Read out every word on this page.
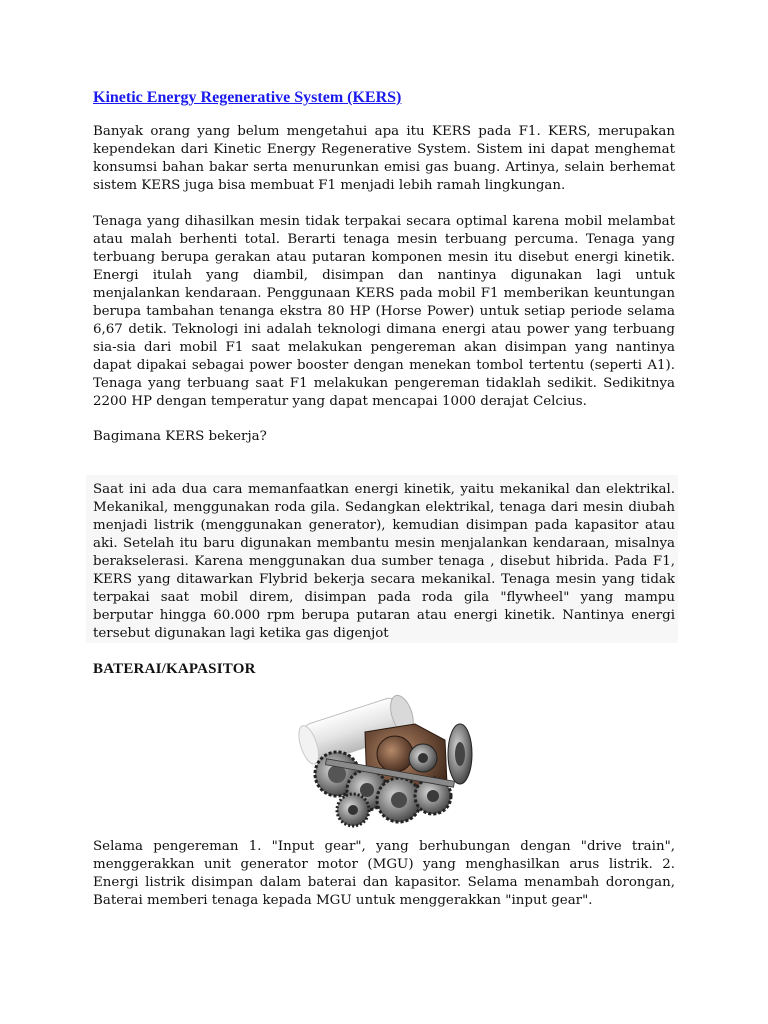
Kinetic Energy Regenerative System (KERS)

Banyak orang yang belum mengetahui apa itu KERS pada F1. KERS, merupakan
kependekan dari Kinetic Energy Regenerative System. Sistem ini dapat menghemat
konsumsi bahan bakar serta menurunkan emisi gas buang. Artinya, selain berhemat
sistem KERS juga bisa membuat F1 menjadi lebih ramah lingkungan.

Tenaga yang dihasilkan mesin tidak terpakai secara optimal karena mobil melambat
atau malah berhenti total. Berarti tenaga mesin terbuang percuma. Tenaga yang
terbuang berupa gerakan atau putaran komponen mesin itu disebut energi kinetik.
Energi itulah yang diambil, disimpan dan nantinya digunakan lagi untuk
menjalankan kendaraan. Penggunaan KERS pada mobil F1 memberikan keuntungan
berupa tambahan tenanga ekstra 80 HP (Horse Power) untuk setiap periode selama
6,67 detik. Teknologi ini adalah teknologi dimana energi atau power yang terbuang
sia-sia dari mobil F1 saat melakukan pengereman akan disimpan yang nantinya
dapat dipakai sebagai power booster dengan menekan tombol tertentu (seperti A1).
Tenaga yang terbuang saat F1 melakukan pengereman tidaklah sedikit. Sedikitnya
2200 HP dengan temperatur yang dapat mencapai 1000 derajat Celcius.

Bagimana KERS bekerja?

Saat ini ada dua cara memanfaatkan energi kinetik, yaitu mekanikal dan elektrikal.
Mekanikal, menggunakan roda gila. Sedangkan elektrikal, tenaga dari mesin diubah
menjadi listrik (menggunakan generator), kemudian disimpan pada kapasitor atau
aki. Setelah itu baru digunakan membantu mesin menjalankan kendaraan, misalnya
berakselerasi. Karena menggunakan dua sumber tenaga , disebut hibrida. Pada F1,
KERS yang ditawarkan Flybrid bekerja secara mekanikal. Tenaga mesin yang tidak
terpakai saat mobil direm, disimpan pada roda gila "flywheel" yang mampu
berputar hingga 60.000 rpm berupa putaran atau energi kinetik. Nantinya energi
tersebut digunakan lagi ketika gas digenjot

BATERAI/KAPASITOR

Selama pengereman 1. "Input gear", yang berhubungan dengan "drive train",
menggerakkan unit generator motor (MGU) yang menghasilkan arus listrik. 2.
Energi listrik disimpan dalam baterai dan kapasitor. Selama menambah dorongan,
Baterai memberi tenaga kepada MGU untuk menggerakkan "input gear".
